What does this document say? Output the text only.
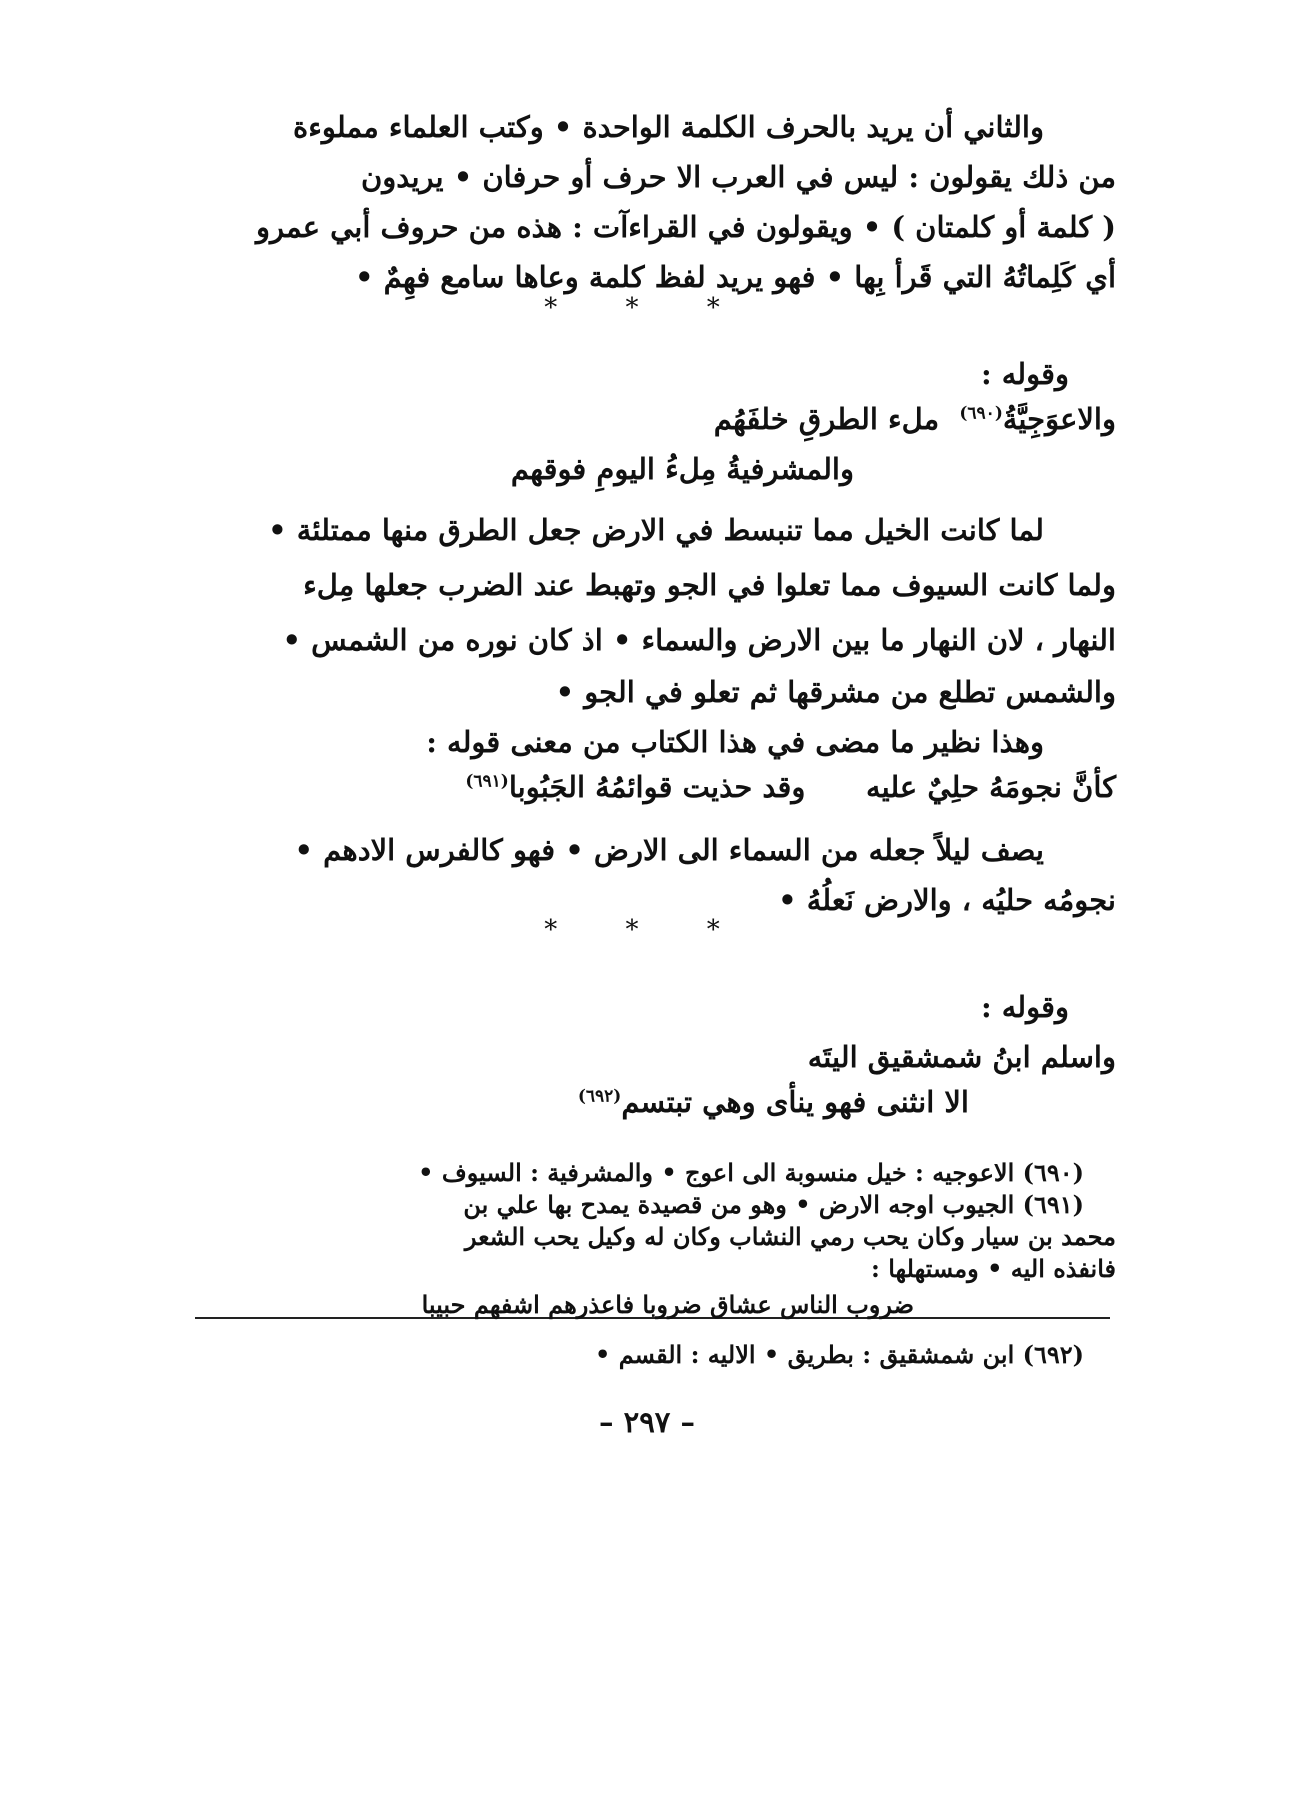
والثاني أن يريد بالحرف الكلمة الواحدة • وكتب العلماء مملوءة
من ذلك يقولون : ليس في العرب الا حرف أو حرفان • يريدون
( كلمة أو كلمتان ) • ويقولون في القراءآت : هذه من حروف أبي عمرو
أي كَلِماتُهُ التي قَرأ بِها • فهو يريد لفظ كلمة وعاها سامع فهِمٌ •
* * *
وقوله :
والاعوَجِيَّةُ$^{(٦٩٠)}$  ملء الطرقِ خلفَهُم
والمشرفيةُ مِلءُ اليومِ فوقهم
لما كانت الخيل مما تنبسط في الارض جعل الطرق منها ممتلئة •
ولما كانت السيوف مما تعلوا في الجو وتهبط عند الضرب جعلها مِلء
النهار ، لان النهار ما بين الارض والسماء • اذ كان نوره من الشمس •
والشمس تطلع من مشرقها ثم تعلو في الجو •
وهذا نظير ما مضى في هذا الكتاب من معنى قوله :
كأنَّ نجومَهُ حلِيٌ عليه      وقد حذيت قوائمُهُ الجَبُوبا$^{(٦٩١)}$
يصف ليلاً جعله من السماء الى الارض • فهو كالفرس الادهم •
نجومُه حليُه ، والارض نَعلُهُ •
* * *
وقوله :
واسلم ابنُ شمشقيق اليتَه
الا انثنى فهو ينأى وهي تبتسم$^{(٦٩٢)}$
(٦٩٠) الاعوجيه : خيل منسوبة الى اعوج • والمشرفية : السيوف •
(٦٩١) الجيوب اوجه الارض • وهو من قصيدة يمدح بها علي بن
محمد بن سيار وكان يحب رمي النشاب وكان له وكيل يحب الشعر
فانفذه اليه • ومستهلها :
ضروب الناس عشاق ضروبا فاعذرهم اشفهم حبيبا
(٦٩٢) ابن شمشقيق : بطريق • الاليه : القسم •
– ٢٩٧ –
